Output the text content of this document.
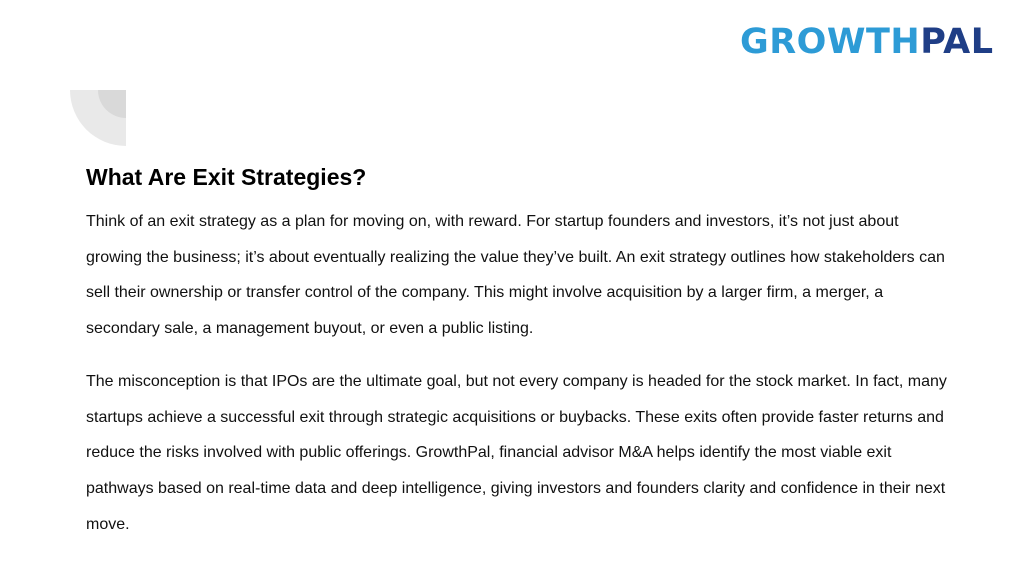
GROWTH PAL
What Are Exit Strategies?

Think of an exit strategy as a plan for moving on, with reward. For startup founders and investors, it’s not just about growing the business; it’s about eventually realizing the value they’ve built. An exit strategy outlines how stakeholders can sell their ownership or transfer control of the company. This might involve acquisition by a larger firm, a merger, a secondary sale, a management buyout, or even a public listing.

The misconception is that IPOs are the ultimate goal, but not every company is headed for the stock market. In fact, many startups achieve a successful exit through strategic acquisitions or buybacks. These exits often provide faster returns and reduce the risks involved with public offerings. GrowthPal, financial advisor M&A helps identify the most viable exit pathways based on real-time data and deep intelligence, giving investors and founders clarity and confidence in their next move.
